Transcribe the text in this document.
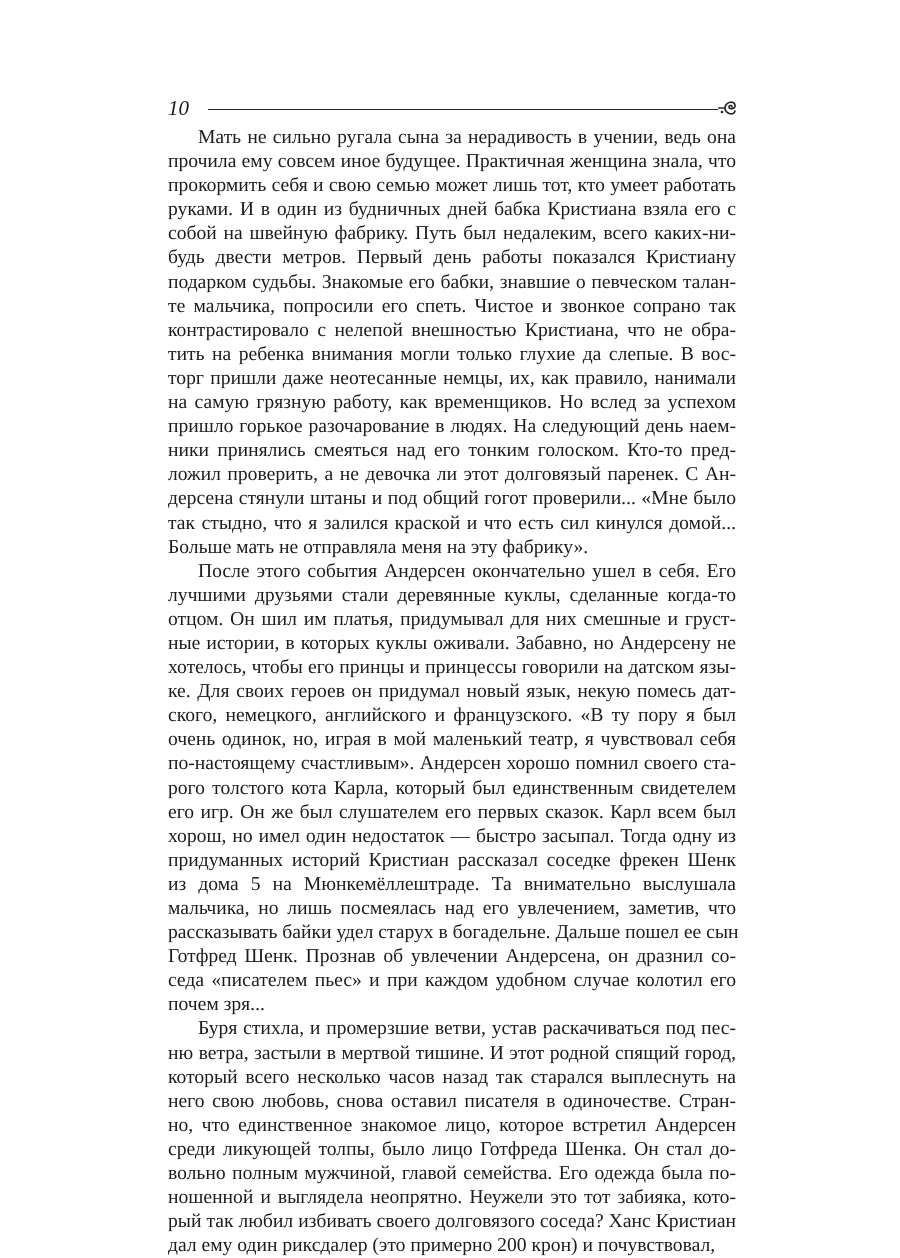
10
Мать не сильно ругала сына за нерадивость в учении, ведь она
прочила ему совсем иное будущее. Практичная женщина знала, что
прокормить себя и свою семью может лишь тот, кто умеет работать
руками. И в один из будничных дней бабка Кристиана взяла его с
собой на швейную фабрику. Путь был недалеким, всего каких-ни-
будь двести метров. Первый день работы показался Кристиану
подарком судьбы. Знакомые его бабки, знавшие о певческом талан-
те мальчика, попросили его спеть. Чистое и звонкое сопрано так
контрастировало с нелепой внешностью Кристиана, что не обра-
тить на ребенка внимания могли только глухие да слепые. В вос-
торг пришли даже неотесанные немцы, их, как правило, нанимали
на самую грязную работу, как временщиков. Но вслед за успехом
пришло горькое разочарование в людях. На следующий день наем-
ники принялись смеяться над его тонким голоском. Кто-то пред-
ложил проверить, а не девочка ли этот долговязый паренек. С Ан-
дерсена стянули штаны и под общий гогот проверили... «Мне было
так стыдно, что я залился краской и что есть сил кинулся домой...
Больше мать не отправляла меня на эту фабрику».
После этого события Андерсен окончательно ушел в себя. Его
лучшими друзьями стали деревянные куклы, сделанные когда-то
отцом. Он шил им платья, придумывал для них смешные и груст-
ные истории, в которых куклы оживали. Забавно, но Андерсену не
хотелось, чтобы его принцы и принцессы говорили на датском язы-
ке. Для своих героев он придумал новый язык, некую помесь дат-
ского, немецкого, английского и французского. «В ту пору я был
очень одинок, но, играя в мой маленький театр, я чувствовал себя
по-настоящему счастливым». Андерсен хорошо помнил своего ста-
рого толстого кота Карла, который был единственным свидетелем
его игр. Он же был слушателем его первых сказок. Карл всем был
хорош, но имел один недостаток — быстро засыпал. Тогда одну из
придуманных историй Кристиан рассказал соседке фрекен Шенк
из дома 5 на Мюнкемëллештраде. Та внимательно выслушала
мальчика, но лишь посмеялась над его увлечением, заметив, что
рассказывать байки удел старух в богадельне. Дальше пошел ее сын
Готфред Шенк. Прознав об увлечении Андерсена, он дразнил со-
седа «писателем пьес» и при каждом удобном случае колотил его
почем зря...
Буря стихла, и промерзшие ветви, устав раскачиваться под пес-
ню ветра, застыли в мертвой тишине. И этот родной спящий город,
который всего несколько часов назад так старался выплеснуть на
него свою любовь, снова оставил писателя в одиночестве. Стран-
но, что единственное знакомое лицо, которое встретил Андерсен
среди ликующей толпы, было лицо Готфреда Шенка. Он стал до-
вольно полным мужчиной, главой семейства. Его одежда была по-
ношенной и выглядела неопрятно. Неужели это тот забияка, кото-
рый так любил избивать своего долговязого соседа? Ханс Кристиан
дал ему один риксдалер (это примерно 200 крон) и почувствовал,
